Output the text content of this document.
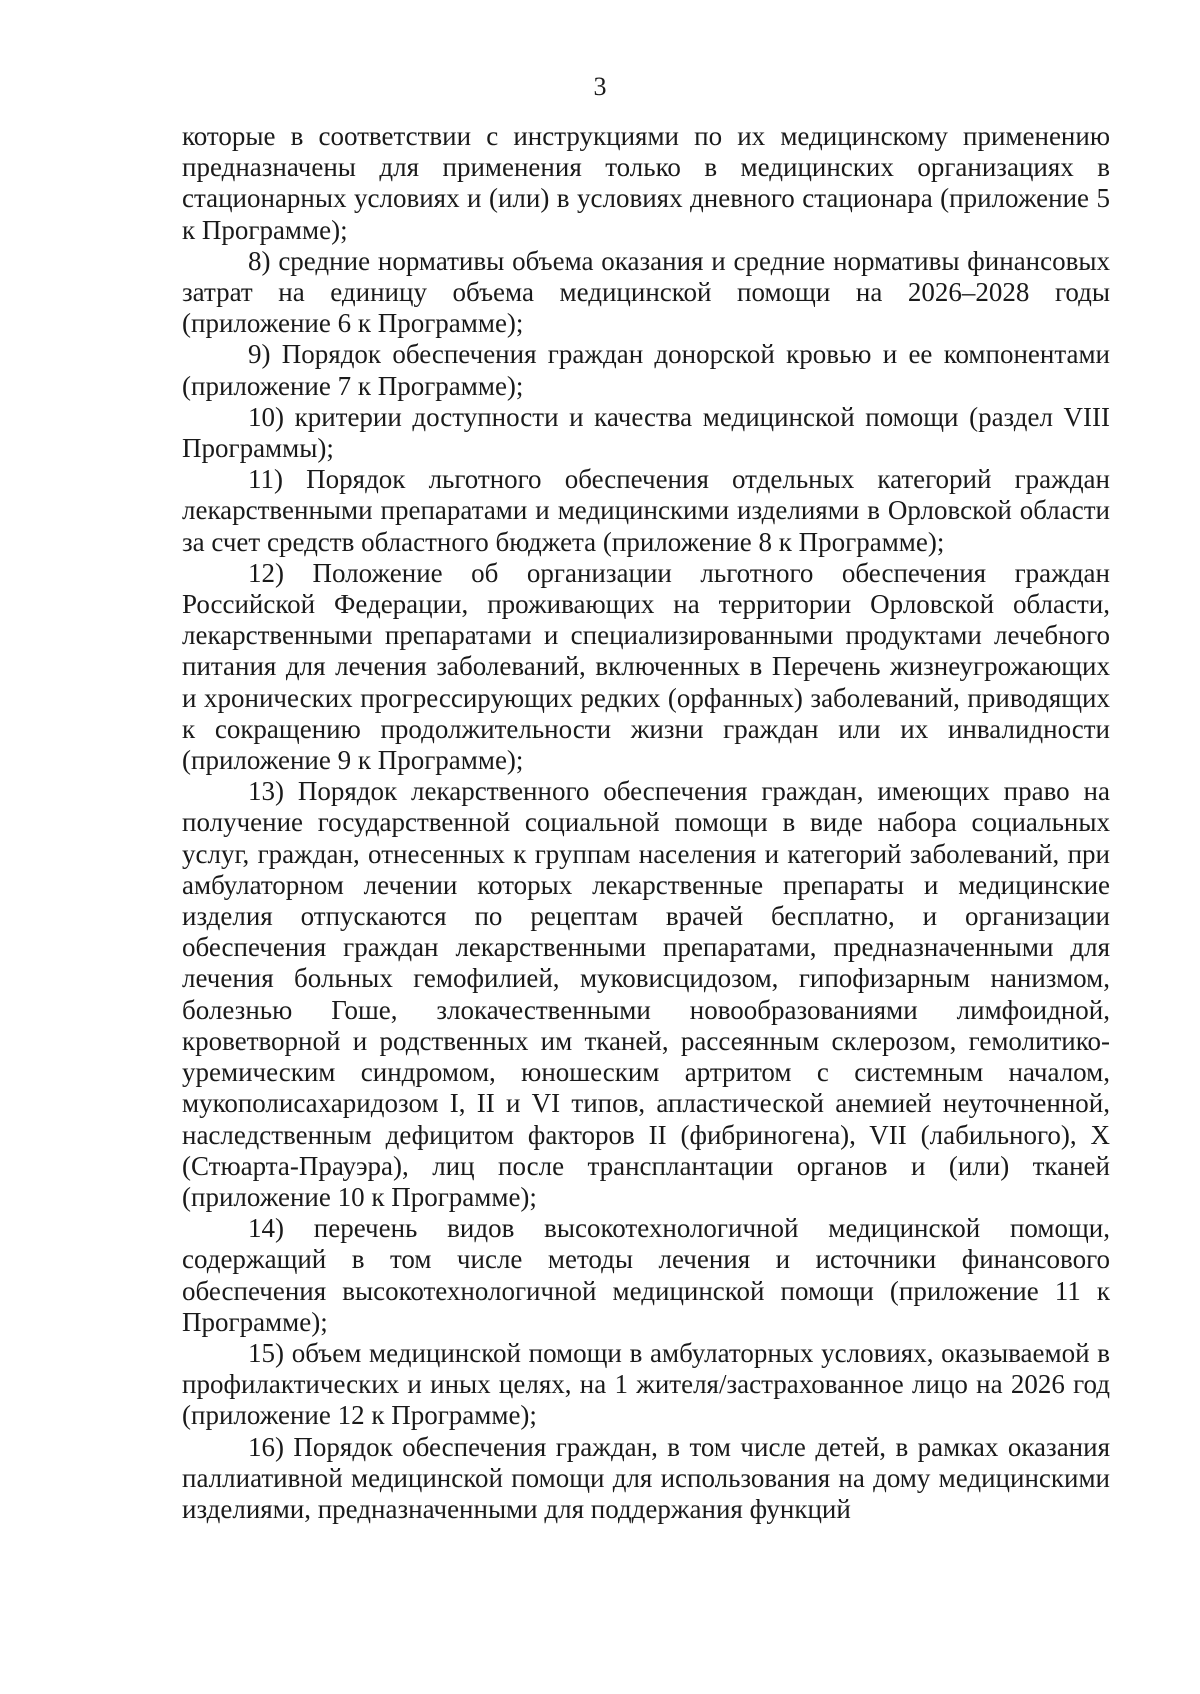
3

которые в соответствии с инструкциями по их медицинскому применению предназначены для применения только в медицинских организациях в стационарных условиях и (или) в условиях дневного стационара (приложение 5 к Программе);

8) средние нормативы объема оказания и средние нормативы финансовых затрат на единицу объема медицинской помощи на 2026–2028 годы (приложение 6 к Программе);

9) Порядок обеспечения граждан донорской кровью и ее компонентами (приложение 7 к Программе);

10) критерии доступности и качества медицинской помощи (раздел VIII Программы);

11) Порядок льготного обеспечения отдельных категорий граждан лекарственными препаратами и медицинскими изделиями в Орловской области за счет средств областного бюджета (приложение 8 к Программе);

12) Положение об организации льготного обеспечения граждан Российской Федерации, проживающих на территории Орловской области, лекарственными препаратами и специализированными продуктами лечебного питания для лечения заболеваний, включенных в Перечень жизнеугрожающих и хронических прогрессирующих редких (орфанных) заболеваний, приводящих к сокращению продолжительности жизни граждан или их инвалидности (приложение 9 к Программе);

13) Порядок лекарственного обеспечения граждан, имеющих право на получение государственной социальной помощи в виде набора социальных услуг, граждан, отнесенных к группам населения и категорий заболеваний, при амбулаторном лечении которых лекарственные препараты и медицинские изделия отпускаются по рецептам врачей бесплатно, и организации обеспечения граждан лекарственными препаратами, предназначенными для лечения больных гемофилией, муковисцидозом, гипофизарным нанизмом, болезнью Гоше, злокачественными новообразованиями лимфоидной, кроветворной и родственных им тканей, рассеянным склерозом, гемолитико-уремическим синдромом, юношеским артритом с системным началом, мукополисахаридозом I, II и VI типов, апластической анемией неуточненной, наследственным дефицитом факторов II (фибриногена), VII (лабильного), X (Стюарта-Прауэра), лиц после трансплантации органов и (или) тканей (приложение 10 к Программе);

14) перечень видов высокотехнологичной медицинской помощи, содержащий в том числе методы лечения и источники финансового обеспечения высокотехнологичной медицинской помощи (приложение 11 к Программе);

15) объем медицинской помощи в амбулаторных условиях, оказываемой в профилактических и иных целях, на 1 жителя/застрахованное лицо на 2026 год (приложение 12 к Программе);

16) Порядок обеспечения граждан, в том числе детей, в рамках оказания паллиативной медицинской помощи для использования на дому медицинскими изделиями, предназначенными для поддержания функций
